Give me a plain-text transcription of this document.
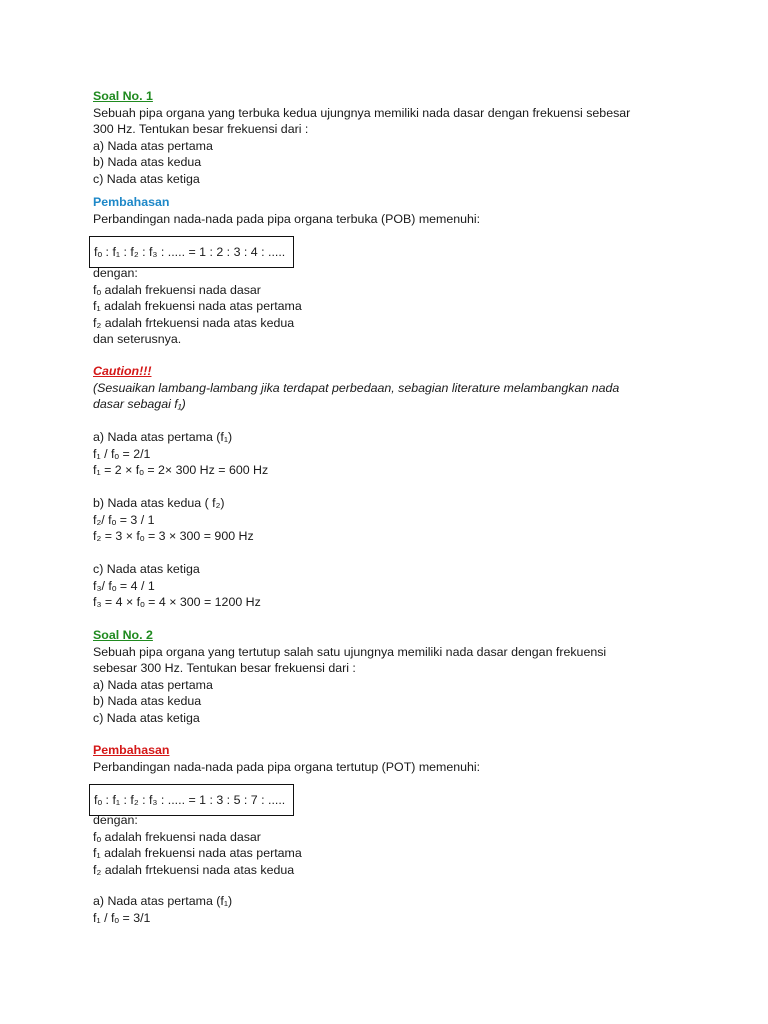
Soal No. 1
Sebuah pipa organa yang terbuka kedua ujungnya memiliki nada dasar dengan frekuensi sebesar
300 Hz. Tentukan besar frekuensi dari :
a) Nada atas pertama
b) Nada atas kedua
c) Nada atas ketiga
Pembahasan
Perbandingan nada-nada pada pipa organa terbuka (POB) memenuhi:
fₒ : f₁ : f₂ : f₃ : ..... = 1 : 2 : 3 : 4 : .....
dengan:
fₒ adalah frekuensi nada dasar
f₁ adalah frekuensi nada atas pertama
f₂ adalah frtekuensi nada atas kedua
dan seterusnya.
Caution!!!
(Sesuaikan lambang-lambang jika terdapat perbedaan, sebagian literature melambangkan nada
dasar sebagai f₁)
a) Nada atas pertama (f₁)
f₁ / fₒ = 2/1
f₁ = 2 × fₒ = 2× 300 Hz = 600 Hz
b) Nada atas kedua ( f₂)
f₂/ fₒ = 3 / 1
f₂ = 3 × fₒ = 3 × 300 = 900 Hz
c) Nada atas ketiga
f₃/ fₒ = 4 / 1
f₃ = 4 × fₒ = 4 × 300 = 1200 Hz
Soal No. 2
Sebuah pipa organa yang tertutup salah satu ujungnya memiliki nada dasar dengan frekuensi
sebesar 300 Hz. Tentukan besar frekuensi dari :
a) Nada atas pertama
b) Nada atas kedua
c) Nada atas ketiga
Pembahasan
Perbandingan nada-nada pada pipa organa tertutup (POT) memenuhi:
fₒ : f₁ : f₂ : f₃ : ..... = 1 : 3 : 5 : 7 : .....
dengan:
fₒ adalah frekuensi nada dasar
f₁ adalah frekuensi nada atas pertama
f₂ adalah frtekuensi nada atas kedua
a) Nada atas pertama (f₁)
f₁ / fₒ = 3/1
